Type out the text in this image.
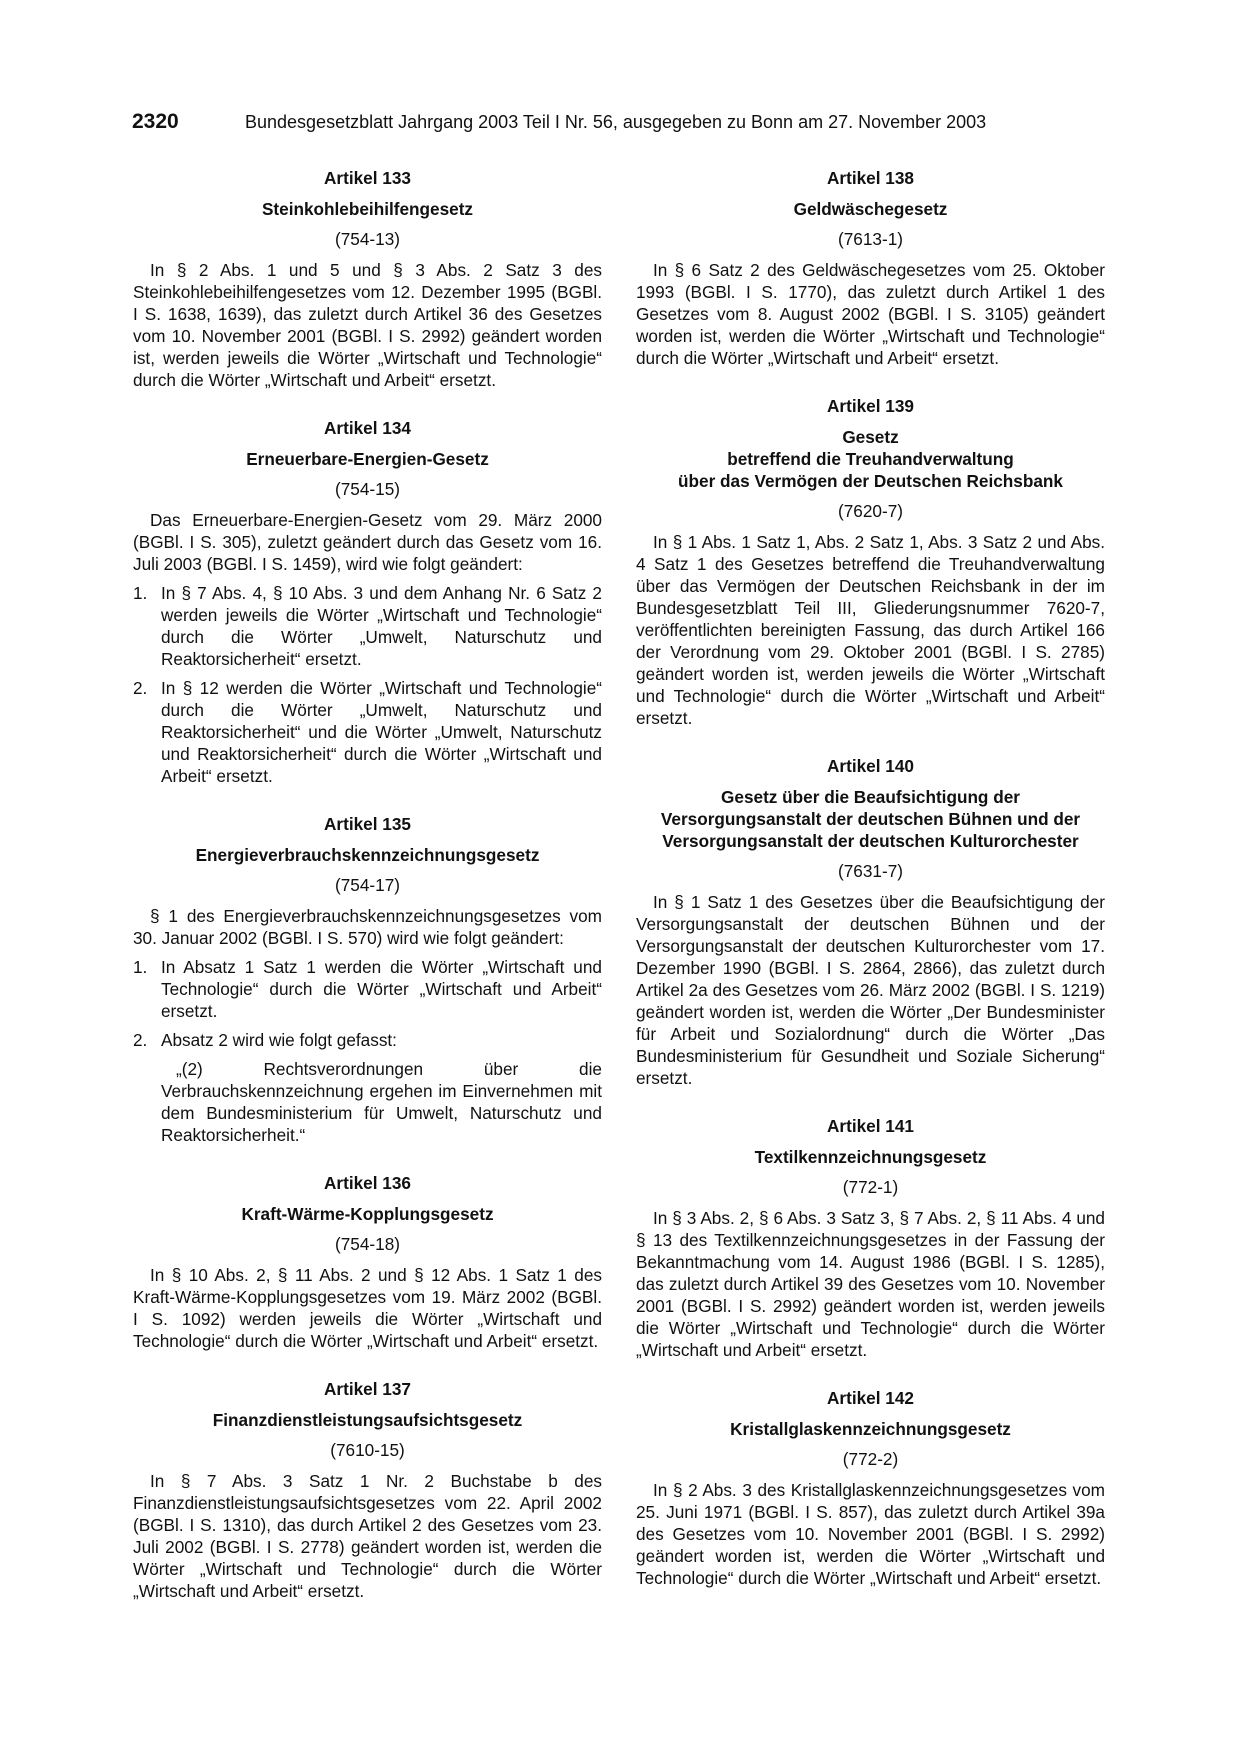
2320	Bundesgesetzblatt Jahrgang 2003 Teil I Nr. 56, ausgegeben zu Bonn am 27. November 2003
Artikel 133
Steinkohlebeihilfengesetz
(754-13)

In § 2 Abs. 1 und 5 und § 3 Abs. 2 Satz 3 des Steinkohlebeihilfengesetzes vom 12. Dezember 1995 (BGBl. I S. 1638, 1639), das zuletzt durch Artikel 36 des Gesetzes vom 10. November 2001 (BGBl. I S. 2992) geändert worden ist, werden jeweils die Wörter „Wirtschaft und Technologie“ durch die Wörter „Wirtschaft und Arbeit“ ersetzt.

Artikel 134
Erneuerbare-Energien-Gesetz
(754-15)

Das Erneuerbare-Energien-Gesetz vom 29. März 2000 (BGBl. I S. 305), zuletzt geändert durch das Gesetz vom 16. Juli 2003 (BGBl. I S. 1459), wird wie folgt geändert:

1. In § 7 Abs. 4, § 10 Abs. 3 und dem Anhang Nr. 6 Satz 2 werden jeweils die Wörter „Wirtschaft und Technologie“ durch die Wörter „Umwelt, Naturschutz und Reaktorsicherheit“ ersetzt.
2. In § 12 werden die Wörter „Wirtschaft und Technologie“ durch die Wörter „Umwelt, Naturschutz und Reaktorsicherheit“ und die Wörter „Umwelt, Naturschutz und Reaktorsicherheit“ durch die Wörter „Wirtschaft und Arbeit“ ersetzt.
Artikel 135
Energieverbrauchskennzeichnungsgesetz
(754-17)

§ 1 des Energieverbrauchskennzeichnungsgesetzes vom 30. Januar 2002 (BGBl. I S. 570) wird wie folgt geändert:

1. In Absatz 1 Satz 1 werden die Wörter „Wirtschaft und Technologie“ durch die Wörter „Wirtschaft und Arbeit“ ersetzt.
2. Absatz 2 wird wie folgt gefasst:

„(2) Rechtsverordnungen über die Verbrauchskennzeichnung ergehen im Einvernehmen mit dem Bundesministerium für Umwelt, Naturschutz und Reaktorsicherheit.“

Artikel 136
Kraft-Wärme-Kopplungsgesetz
(754-18)

In § 10 Abs. 2, § 11 Abs. 2 und § 12 Abs. 1 Satz 1 des Kraft-Wärme-Kopplungsgesetzes vom 19. März 2002 (BGBl. I S. 1092) werden jeweils die Wörter „Wirtschaft und Technologie“ durch die Wörter „Wirtschaft und Arbeit“ ersetzt.

Artikel 137
Finanzdienstleistungsaufsichtsgesetz
(7610-15)

In § 7 Abs. 3 Satz 1 Nr. 2 Buchstabe b des Finanzdienstleistungsaufsichtsgesetzes vom 22. April 2002 (BGBl. I S. 1310), das durch Artikel 2 des Gesetzes vom 23. Juli 2002 (BGBl. I S. 2778) geändert worden ist, werden die Wörter „Wirtschaft und Technologie“ durch die Wörter „Wirtschaft und Arbeit“ ersetzt.

Artikel 138
Geldwäschegesetz
(7613-1)

In § 6 Satz 2 des Geldwäschegesetzes vom 25. Oktober 1993 (BGBl. I S. 1770), das zuletzt durch Artikel 1 des Gesetzes vom 8. August 2002 (BGBl. I S. 3105) geändert worden ist, werden die Wörter „Wirtschaft und Technologie“ durch die Wörter „Wirtschaft und Arbeit“ ersetzt.

Artikel 139
Gesetz
betreffend die Treuhandverwaltung
über das Vermögen der Deutschen Reichsbank
(7620-7)

In § 1 Abs. 1 Satz 1, Abs. 2 Satz 1, Abs. 3 Satz 2 und Abs. 4 Satz 1 des Gesetzes betreffend die Treuhandverwaltung über das Vermögen der Deutschen Reichsbank in der im Bundesgesetzblatt Teil III, Gliederungsnummer 7620-7, veröffentlichten bereinigten Fassung, das durch Artikel 166 der Verordnung vom 29. Oktober 2001 (BGBl. I S. 2785) geändert worden ist, werden jeweils die Wörter „Wirtschaft und Technologie“ durch die Wörter „Wirtschaft und Arbeit“ ersetzt.

Artikel 140
Gesetz über die Beaufsichtigung der
Versorgungsanstalt der deutschen Bühnen und der
Versorgungsanstalt der deutschen Kulturorchester
(7631-7)

In § 1 Satz 1 des Gesetzes über die Beaufsichtigung der Versorgungsanstalt der deutschen Bühnen und der Versorgungsanstalt der deutschen Kulturorchester vom 17. Dezember 1990 (BGBl. I S. 2864, 2866), das zuletzt durch Artikel 2a des Gesetzes vom 26. März 2002 (BGBl. I S. 1219) geändert worden ist, werden die Wörter „Der Bundesminister für Arbeit und Sozialordnung“ durch die Wörter „Das Bundesministerium für Gesundheit und Soziale Sicherung“ ersetzt.

Artikel 141
Textilkennzeichnungsgesetz
(772-1)

In § 3 Abs. 2, § 6 Abs. 3 Satz 3, § 7 Abs. 2, § 11 Abs. 4 und § 13 des Textilkennzeichnungsgesetzes in der Fassung der Bekanntmachung vom 14. August 1986 (BGBl. I S. 1285), das zuletzt durch Artikel 39 des Gesetzes vom 10. November 2001 (BGBl. I S. 2992) geändert worden ist, werden jeweils die Wörter „Wirtschaft und Technologie“ durch die Wörter „Wirtschaft und Arbeit“ ersetzt.

Artikel 142
Kristallglaskennzeichnungsgesetz
(772-2)

In § 2 Abs. 3 des Kristallglaskennzeichnungsgesetzes vom 25. Juni 1971 (BGBl. I S. 857), das zuletzt durch Artikel 39a des Gesetzes vom 10. November 2001 (BGBl. I S. 2992) geändert worden ist, werden die Wörter „Wirtschaft und Technologie“ durch die Wörter „Wirtschaft und Arbeit“ ersetzt.
